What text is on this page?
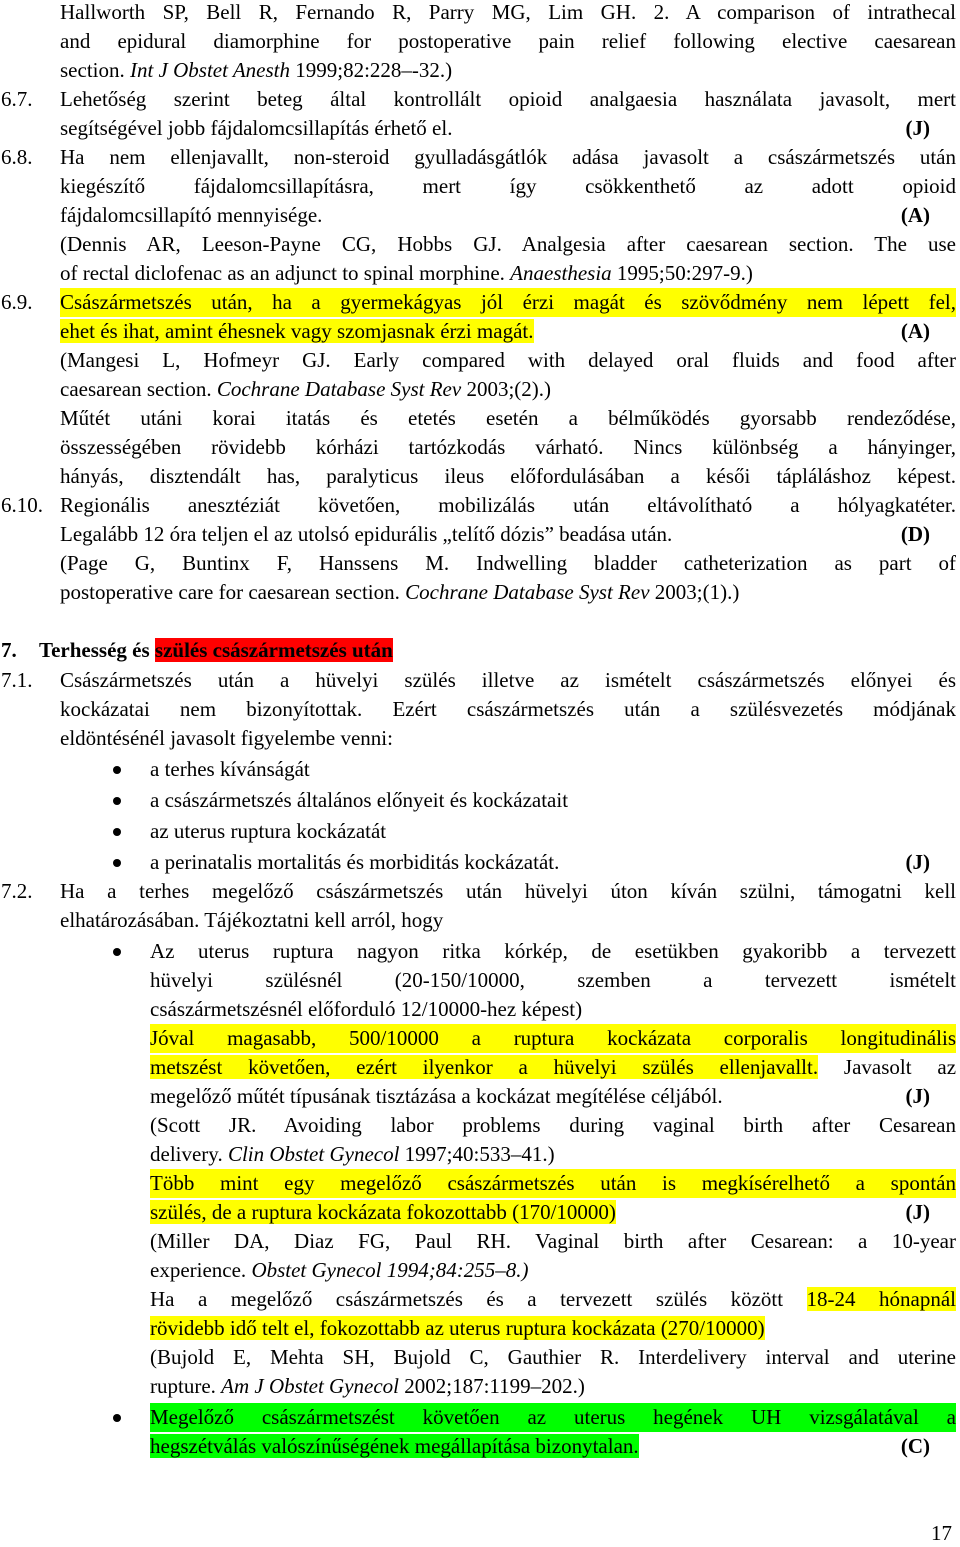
Hallworth SP, Bell R, Fernando R, Parry MG, Lim GH. 2. A comparison of intrathecal
and epidural diamorphine for postoperative pain relief following elective caesarean
section. Int J Obstet Anesth 1999;82:228–-32.)
6.7. Lehetőség szerint beteg által kontrollált opioid analgaesia használata javasolt, mert
segítségével jobb fájdalomcsillapítás érhető el.	(J)
6.8. Ha nem ellenjavallt, non-steroid gyulladásgátlók adása javasolt a császármetszés után
kiegészítő fájdalomcsillapításra, mert így csökkenthető az adott opioid
fájdalomcsillapító mennyisége.	(A)
(Dennis AR, Leeson-Payne CG, Hobbs GJ. Analgesia after caesarean section. The use
of rectal diclofenac as an adjunct to spinal morphine. Anaesthesia 1995;50:297-9.)
6.9. Császármetszés után, ha a gyermekágyas jól érzi magát és szövődmény nem lépett fel,
ehet és ihat, amint éhesnek vagy szomjasnak érzi magát.	(A)
(Mangesi L, Hofmeyr GJ. Early compared with delayed oral fluids and food after
caesarean section. Cochrane Database Syst Rev 2003;(2).)
Műtét utáni korai itatás és etetés esetén a bélműködés gyorsabb rendeződése,
összességében rövidebb kórházi tartózkodás várható. Nincs különbség a hányinger,
hányás, disztendált has, paralyticus ileus előfordulásában a késői tápláláshoz képest.
6.10. Regionális anesztéziát követően, mobilizálás után eltávolítható a hólyagkatéter.
Legalább 12 óra teljen el az utolsó epidurális „telítő dózis” beadása után.	(D)
(Page G, Buntinx F, Hanssens M. Indwelling bladder catheterization as part of
postoperative care for caesarean section. Cochrane Database Syst Rev 2003;(1).)
7. Terhesség és szülés császármetszés után
7.1. Császármetszés után a hüvelyi szülés illetve az ismételt császármetszés előnyei és
kockázatai nem bizonyítottak. Ezért császármetszés után a szülésvezetés módjának
eldöntésénél javasolt figyelembe venni:
a terhes kívánságát
a császármetszés általános előnyeit és kockázatait
az uterus ruptura kockázatát
a perinatalis mortalitás és morbiditás kockázatát.	(J)
7.2. Ha a terhes megelőző császármetszés után hüvelyi úton kíván szülni, támogatni kell
elhatározásában. Tájékoztatni kell arról, hogy
Az uterus ruptura nagyon ritka kórkép, de esetükben gyakoribb a tervezett
hüvelyi szülésnél (20-150/10000, szemben a tervezett ismételt
császármetszésnél előforduló 12/10000-hez képest)
Jóval magasabb, 500/10000 a ruptura kockázata corporalis longitudinális
metszést követően, ezért ilyenkor a hüvelyi szülés ellenjavallt. Javasolt az
megelőző műtét típusának tisztázása a kockázat megítélése céljából.	(J)
(Scott JR. Avoiding labor problems during vaginal birth after Cesarean
delivery. Clin Obstet Gynecol 1997;40:533–41.)
Több mint egy megelőző császármetszés után is megkísérelhető a spontán
szülés, de a ruptura kockázata fokozottabb (170/10000)	(J)
(Miller DA, Diaz FG, Paul RH. Vaginal birth after Cesarean: a 10-year
experience. Obstet Gynecol 1994;84:255–8.)
Ha a megelőző császármetszés és a tervezett szülés között 18-24 hónapnál
rövidebb idő telt el, fokozottabb az uterus ruptura kockázata (270/10000)
(Bujold E, Mehta SH, Bujold C, Gauthier R. Interdelivery interval and uterine
rupture. Am J Obstet Gynecol 2002;187:1199–202.)
Megelőző császármetszést követően az uterus hegének UH vizsgálatával a
hegszétválás valószínűségének megállapítása bizonytalan.	(C)
17
